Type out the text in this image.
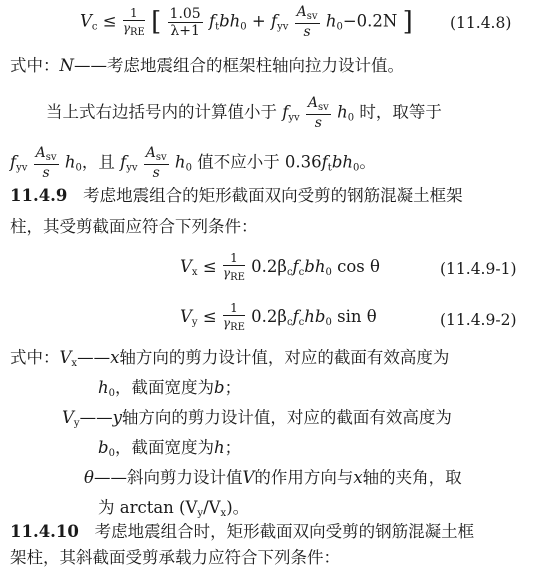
$V_c \le \frac{1}{\gamma_{RE}}$ [ $\frac{1.05}{\lambda+1} f_tbh_0 + f_{yv} \frac{A_{sv}}{s} h_0-0.2N$ ] (11.4.8)
式中：N——考虑地震组合的框架柱轴向拉力设计值。
当上式右边括号内的计算值小于 $f_{yv} \frac{A_{sv}}{s} h_0$ 时，取等于
$f_{yv} \frac{A_{sv}}{s} h_0$，且 $f_{yv} \frac{A_{sv}}{s} h_0$ 值不应小于 $0.36f_tbh_0$。
11.4.9 考虑地震组合的矩形截面双向受剪的钢筋混凝土框架
柱，其受剪截面应符合下列条件：
$V_x \le \frac{1}{\gamma_{RE}} 0.2\beta_cf_cbh_0$ cos θ	(11.4.9-1)
$V_y \le \frac{1}{\gamma_{RE}} 0.2\beta_cf_chb_0$ sin θ	(11.4.9-2)
式中：$V_x——x$轴方向的剪力设计值，对应的截面有效高度为
$h_0$，截面宽度为b；
$V_y——y$轴方向的剪力设计值，对应的截面有效高度为
$b_0$，截面宽度为h；
θ——斜向剪力设计值V的作用方向与x轴的夹角，取
为 $\arctan (V_y/V_x)$。
11.4.10 考虑地震组合时，矩形截面双向受剪的钢筋混凝土框
架柱，其斜截面受剪承载力应符合下列条件：
